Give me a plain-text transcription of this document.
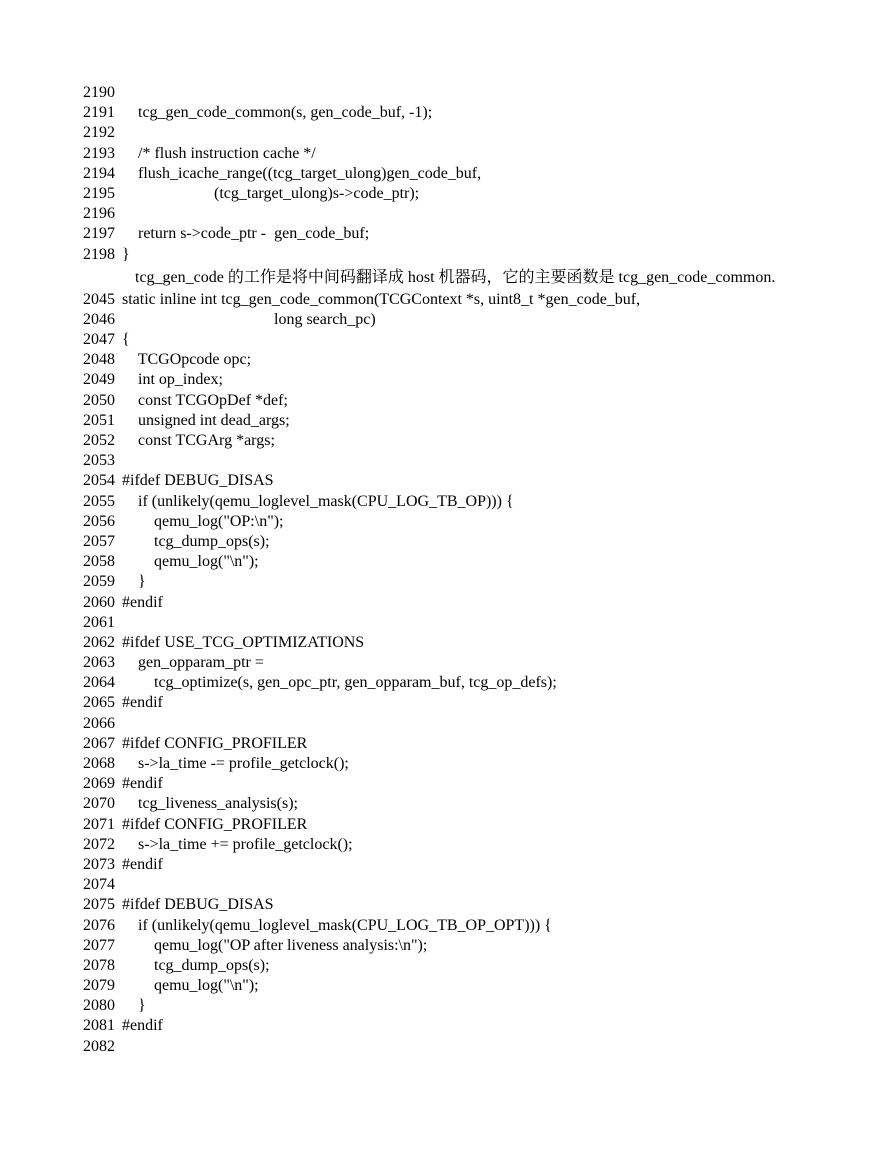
2190
2191 tcg_gen_code_common(s, gen_code_buf, -1);
2192
2193 /* flush instruction cache */
2194 flush_icache_range((tcg_target_ulong)gen_code_buf,
2195 (tcg_target_ulong)s->code_ptr);
2196
2197 return s->code_ptr -  gen_code_buf;
2198 }
tcg_gen_code 的工作是将中间码翻译成 host 机器码，它的主要函数是 tcg_gen_code_common.
2045 static inline int tcg_gen_code_common(TCGContext *s, uint8_t *gen_code_buf,
2046 long search_pc)
2047 {
2048 TCGOpcode opc;
2049 int op_index;
2050 const TCGOpDef *def;
2051 unsigned int dead_args;
2052 const TCGArg *args;
2053
2054 #ifdef DEBUG_DISAS
2055 if (unlikely(qemu_loglevel_mask(CPU_LOG_TB_OP))) {
2056 qemu_log("OP:\n");
2057 tcg_dump_ops(s);
2058 qemu_log("\n");
2059 }
2060 #endif
2061
2062 #ifdef USE_TCG_OPTIMIZATIONS
2063 gen_opparam_ptr =
2064 tcg_optimize(s, gen_opc_ptr, gen_opparam_buf, tcg_op_defs);
2065 #endif
2066
2067 #ifdef CONFIG_PROFILER
2068 s->la_time -= profile_getclock();
2069 #endif
2070 tcg_liveness_analysis(s);
2071 #ifdef CONFIG_PROFILER
2072 s->la_time += profile_getclock();
2073 #endif
2074
2075 #ifdef DEBUG_DISAS
2076 if (unlikely(qemu_loglevel_mask(CPU_LOG_TB_OP_OPT))) {
2077 qemu_log("OP after liveness analysis:\n");
2078 tcg_dump_ops(s);
2079 qemu_log("\n");
2080 }
2081 #endif
2082
